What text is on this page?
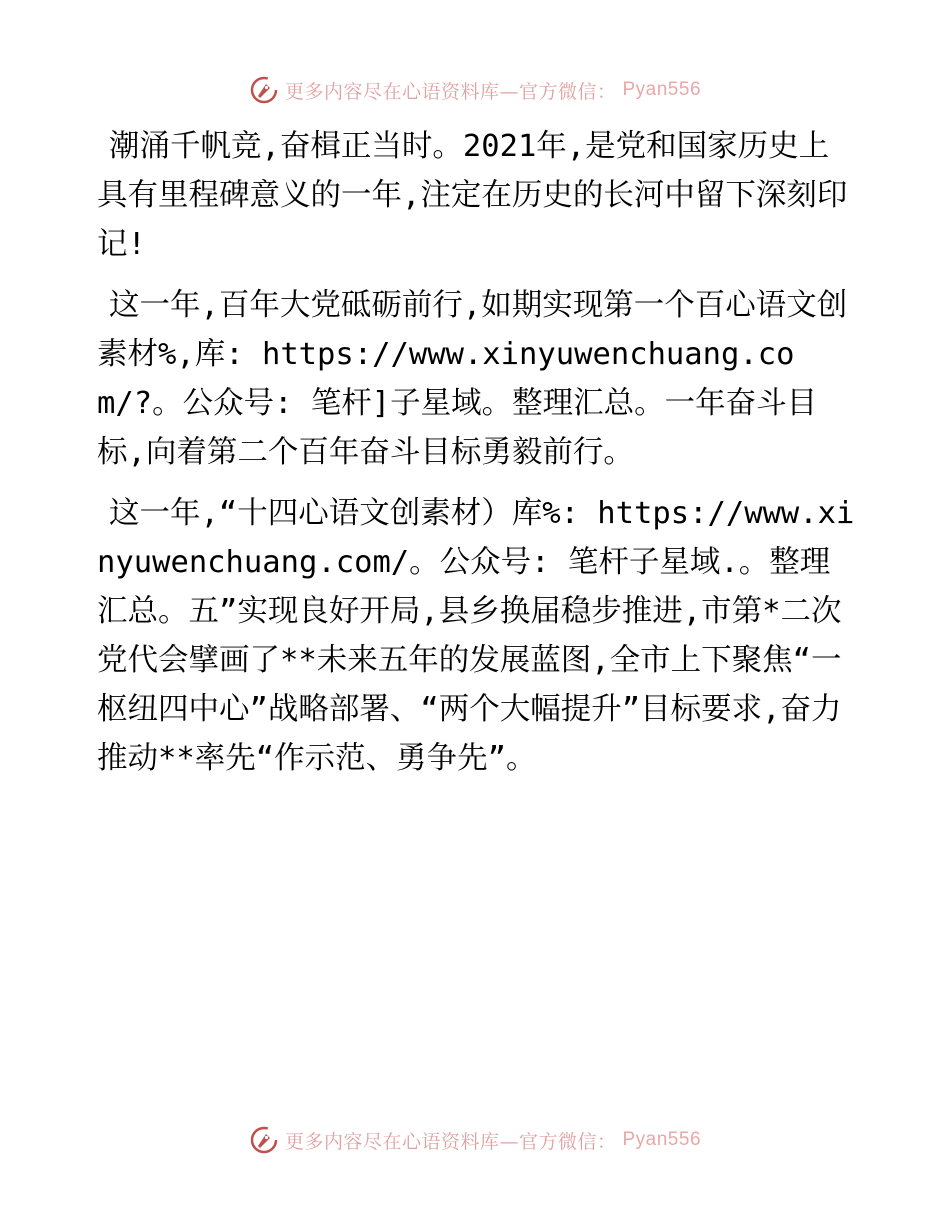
更多内容尽在心语资料库—官方微信： Pyan556

潮涌千帆竞,奋楫正当时。2021年,是党和国家历史上具有里程碑意义的一年,注定在历史的长河中留下深刻印记!

这一年,百年大党砥砺前行,如期实现第一个百心语文创素材%,库: https://www.xinyuwenchuang.com/?。公众号: 笔杆]子星域。整理汇总。一年奋斗目标,向着第二个百年奋斗目标勇毅前行。

这一年,“十四心语文创素材）库%: https://www.xinyuwenchuang.com/。公众号: 笔杆子星域.。整理汇总。五”实现良好开局,县乡换届稳步推进,市第*二次党代会擘画了**未来五年的发展蓝图,全市上下聚焦“一枢纽四中心”战略部署、“两个大幅提升”目标要求,奋力推动**率先“作示范、勇争先”。

更多内容尽在心语资料库—官方微信： Pyan556
